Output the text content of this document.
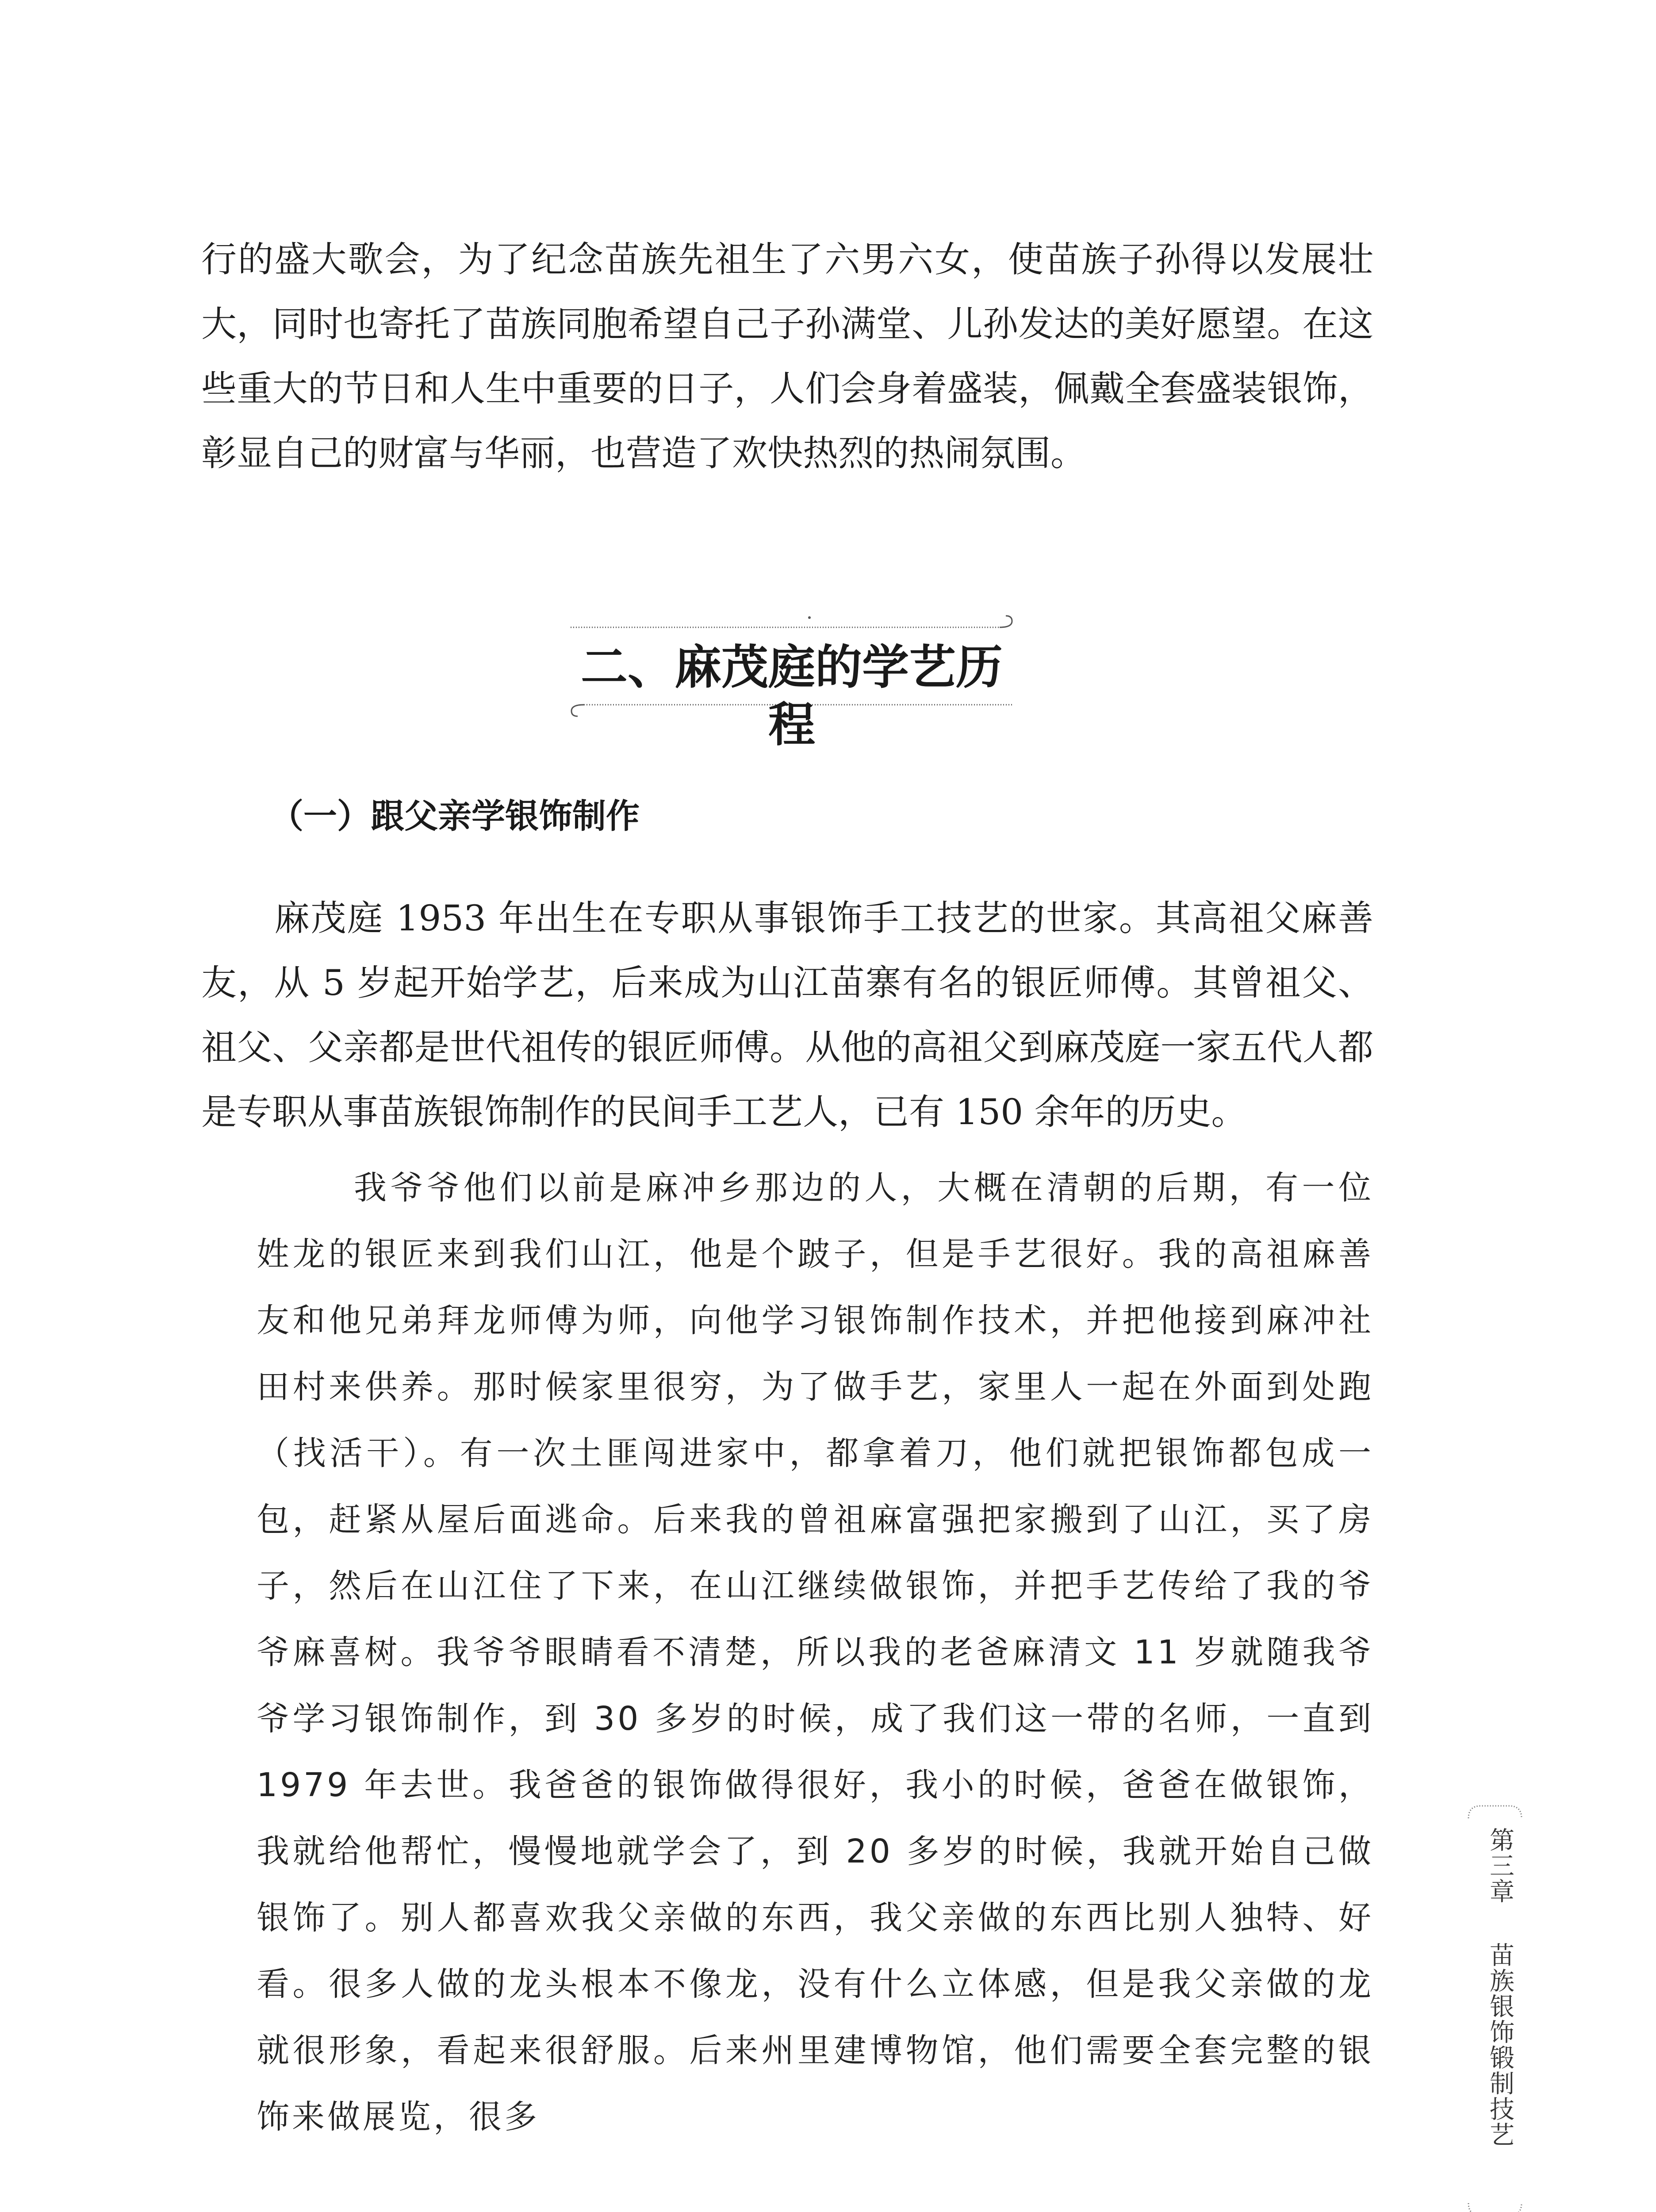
行的盛大歌会，为了纪念苗族先祖生了六男六女，使苗族子孙得以发展壮大，同时也寄托了苗族同胞希望自己子孙满堂、儿孙发达的美好愿望。在这些重大的节日和人生中重要的日子，人们会身着盛装，佩戴全套盛装银饰，彰显自己的财富与华丽，也营造了欢快热烈的热闹氛围。

二、麻茂庭的学艺历程
（一）跟父亲学银饰制作

麻茂庭 1953 年出生在专职从事银饰手工技艺的世家。其高祖父麻善友，从 5 岁起开始学艺，后来成为山江苗寨有名的银匠师傅。其曾祖父、祖父、父亲都是世代祖传的银匠师傅。从他的高祖父到麻茂庭一家五代人都是专职从事苗族银饰制作的民间手工艺人，已有 150 余年的历史。

我爷爷他们以前是麻冲乡那边的人，大概在清朝的后期，有一位姓龙的银匠来到我们山江，他是个跛子，但是手艺很好。我的高祖麻善友和他兄弟拜龙师傅为师，向他学习银饰制作技术，并把他接到麻冲社田村来供养。那时候家里很穷，为了做手艺，家里人一起在外面到处跑（找活干）。有一次土匪闯进家中，都拿着刀，他们就把银饰都包成一包，赶紧从屋后面逃命。后来我的曾祖麻富强把家搬到了山江，买了房子，然后在山江住了下来，在山江继续做银饰，并把手艺传给了我的爷爷麻喜树。我爷爷眼睛看不清楚，所以我的老爸麻清文 11 岁就随我爷爷学习银饰制作，到 30 多岁的时候，成了我们这一带的名师，一直到 1979 年去世。我爸爸的银饰做得很好，我小的时候，爸爸在做银饰，我就给他帮忙，慢慢地就学会了，到 20 多岁的时候，我就开始自己做银饰了。别人都喜欢我父亲做的东西，我父亲做的东西比别人独特、好看。很多人做的龙头根本不像龙，没有什么立体感，但是我父亲做的龙就很形象，看起来很舒服。后来州里建博物馆，他们需要全套完整的银饰来做展览，很多

第三章
苗族银饰锻制技艺
